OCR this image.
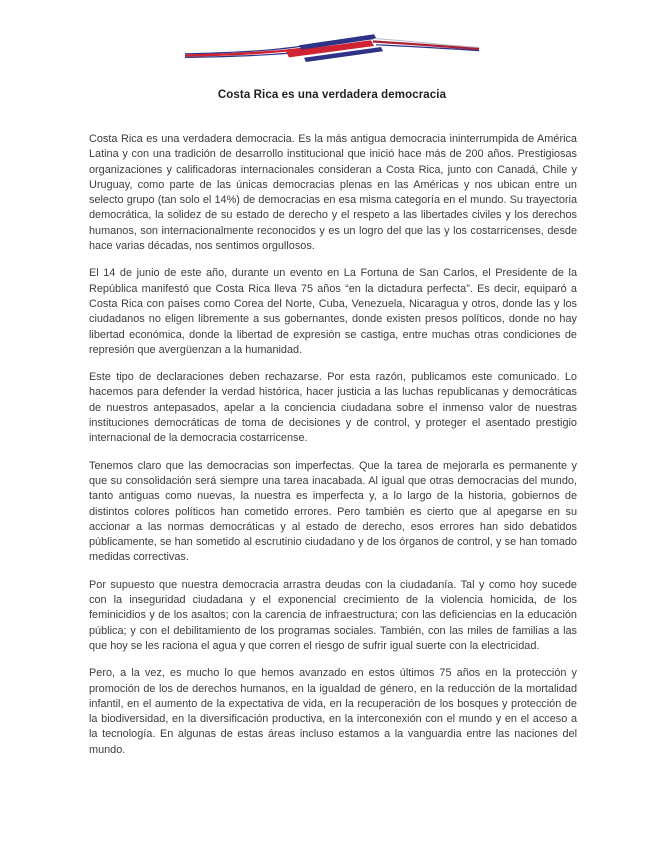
Costa Rica es una verdadera democracia

Costa Rica es una verdadera democracia. Es la más antigua democracia ininterrumpida de América Latina y con una tradición de desarrollo institucional que inició hace más de 200 años. Prestigiosas organizaciones y calificadoras internacionales consideran a Costa Rica, junto con Canadá, Chile y Uruguay, como parte de las únicas democracias plenas en las Américas y nos ubican entre un selecto grupo (tan solo el 14%) de democracias en esa misma categoría en el mundo. Su trayectoria democrática, la solidez de su estado de derecho y el respeto a las libertades civiles y los derechos humanos, son internacionalmente reconocidos y es un logro del que las y los costarricenses, desde hace varias décadas, nos sentimos orgullosos.

El 14 de junio de este año, durante un evento en La Fortuna de San Carlos, el Presidente de la República manifestó que Costa Rica lleva 75 años “en la dictadura perfecta”. Es decir, equiparó a Costa Rica con países como Corea del Norte, Cuba, Venezuela, Nicaragua y otros, donde las y los ciudadanos no eligen libremente a sus gobernantes, donde existen presos políticos, donde no hay libertad económica, donde la libertad de expresión se castiga, entre muchas otras condiciones de represión que avergüenzan a la humanidad.

Este tipo de declaraciones deben rechazarse. Por esta razón, publicamos este comunicado. Lo hacemos para defender la verdad histórica, hacer justicia a las luchas republicanas y democráticas de nuestros antepasados, apelar a la conciencia ciudadana sobre el inmenso valor de nuestras instituciones democráticas de toma de decisiones y de control, y proteger el asentado prestigio internacional de la democracia costarricense.

Tenemos claro que las democracias son imperfectas. Que la tarea de mejorarla es permanente y que su consolidación será siempre una tarea inacabada. Al igual que otras democracias del mundo, tanto antiguas como nuevas, la nuestra es imperfecta y, a lo largo de la historia, gobiernos de distintos colores políticos han cometido errores. Pero también es cierto que al apegarse en su accionar a las normas democráticas y al estado de derecho, esos errores han sido debatidos públicamente, se han sometido al escrutinio ciudadano y de los órganos de control, y se han tomado medidas correctivas.

Por supuesto que nuestra democracia arrastra deudas con la ciudadanía. Tal y como hoy sucede con la inseguridad ciudadana y el exponencial crecimiento de la violencia homicida, de los feminicidios y de los asaltos; con la carencia de infraestructura; con las deficiencias en la educación pública; y con el debilitamiento de los programas sociales. También, con las miles de familias a las que hoy se les raciona el agua y que corren el riesgo de sufrir igual suerte con la electricidad.

Pero, a la vez, es mucho lo que hemos avanzado en estos últimos 75 años en la protección y promoción de los de derechos humanos, en la igualdad de género, en la reducción de la mortalidad infantil, en el aumento de la expectativa de vida, en la recuperación de los bosques y protección de la biodiversidad, en la diversificación productiva, en la interconexión con el mundo y en el acceso a la tecnología. En algunas de estas áreas incluso estamos a la vanguardia entre las naciones del mundo.
